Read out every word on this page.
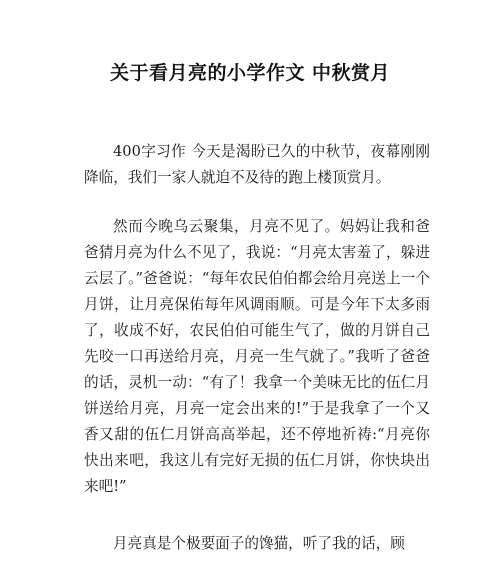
关于看月亮的小学作文 中秋赏月

400字习作 今天是渴盼已久的中秋节，夜幕刚刚降临，我们一家人就迫不及待的跑上楼顶赏月。

然而今晚乌云聚集，月亮不见了。妈妈让我和爸爸猜月亮为什么不见了，我说：“月亮太害羞了，躲进云层了。”爸爸说：“每年农民伯伯都会给月亮送上一个月饼，让月亮保佑每年风调雨顺。可是今年下太多雨了，收成不好，农民伯伯可能生气了，做的月饼自己先咬一口再送给月亮，月亮一生气就了。”我听了爸爸的话，灵机一动：“有了！我拿一个美味无比的伍仁月饼送给月亮，月亮一定会出来的!”于是我拿了一个又香又甜的伍仁月饼高高举起，还不停地祈祷:“月亮你快出来吧，我这儿有完好无损的伍仁月饼，你快块出来吧!”

月亮真是个极要面子的馋猫，听了我的话，顾
